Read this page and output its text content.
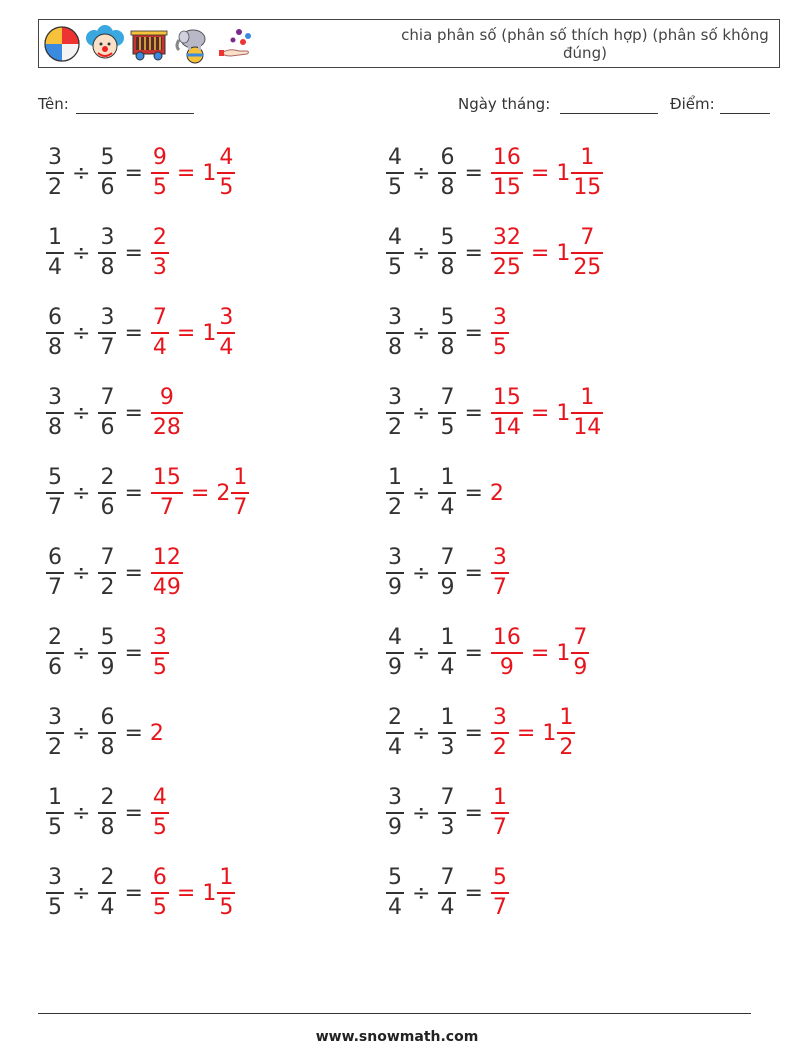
chia phân số (phân số thích hợp) (phân số không đúng)
Tên:	Ngày tháng:	Điểm:
$\frac{3}{2} \div \frac{5}{6} = \frac{9}{5} = 1 \frac{4}{5}$	$\frac{4}{5} \div \frac{6}{8} = \frac{16}{15} = 1 \frac{1}{15}$
$\frac{1}{4} \div \frac{3}{8} = \frac{2}{3}$	$\frac{4}{5} \div \frac{5}{8} = \frac{32}{25} = 1 \frac{7}{25}$
$\frac{6}{8} \div \frac{3}{7} = \frac{7}{4} = 1 \frac{3}{4}$	$\frac{3}{8} \div \frac{5}{8} = \frac{3}{5}$
$\frac{3}{8} \div \frac{7}{6} = \frac{9}{28}$	$\frac{3}{2} \div \frac{7}{5} = \frac{15}{14} = 1 \frac{1}{14}$
$\frac{5}{7} \div \frac{2}{6} = \frac{15}{7} = 2 \frac{1}{7}$	$\frac{1}{2} \div \frac{1}{4} = 2$
$\frac{6}{7} \div \frac{7}{2} = \frac{12}{49}$	$\frac{3}{9} \div \frac{7}{9} = \frac{3}{7}$
$\frac{2}{6} \div \frac{5}{9} = \frac{3}{5}$	$\frac{4}{9} \div \frac{1}{4} = \frac{16}{9} = 1 \frac{7}{9}$
$\frac{3}{2} \div \frac{6}{8} = 2$	$\frac{2}{4} \div \frac{1}{3} = \frac{3}{2} = 1 \frac{1}{2}$
$\frac{1}{5} \div \frac{2}{8} = \frac{4}{5}$	$\frac{3}{9} \div \frac{7}{3} = \frac{1}{7}$
$\frac{3}{5} \div \frac{2}{4} = \frac{6}{5} = 1 \frac{1}{5}$	$\frac{5}{4} \div \frac{7}{4} = \frac{5}{7}$
www.snowmath.com
